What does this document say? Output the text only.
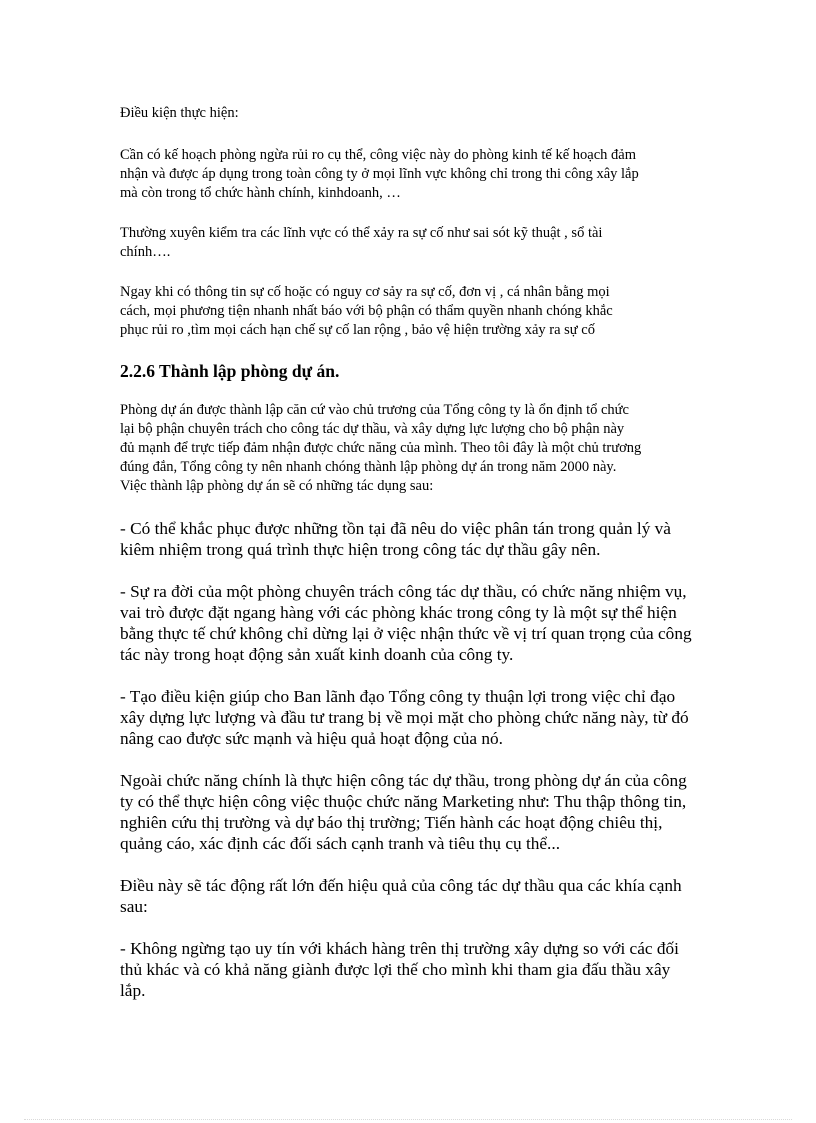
Điều kiện thực hiện:

Cần có kế hoạch phòng ngừa rủi ro cụ thể, công việc này do phòng kinh tế kế hoạch đảm
nhận và được áp dụng trong toàn công ty ở mọi lĩnh vực không chỉ trong thi công xây lắp
mà còn trong tổ chức hành chính, kinhdoanh, …

Thường xuyên kiểm tra các lĩnh vực có thể xảy ra sự cố như sai sót kỹ thuật , sổ tài
chính….

Ngay khi có thông tin sự cố hoặc có nguy cơ sảy ra sự cố, đơn vị , cá nhân bằng mọi
cách, mọi phương tiện nhanh nhất báo với bộ phận có thẩm quyền nhanh chóng khắc
phục rủi ro ,tìm mọi cách hạn chế sự cố lan rộng , bảo vệ hiện trường xảy ra sự cố

2.2.6 Thành lập phòng dự án.

Phòng dự án được thành lập căn cứ vào chủ trương của Tổng công ty là ổn định tổ chức
lại bộ phận chuyên trách cho công tác dự thầu, và xây dựng lực lượng cho bộ phận này
đủ mạnh để trực tiếp đảm nhận được chức năng của mình. Theo tôi đây là một chủ trương
đúng đắn, Tổng công ty nên nhanh chóng thành lập phòng dự án trong năm 2000 này.
Việc thành lập phòng dự án sẽ có những tác dụng sau:

- Có thể khắc phục được những tồn tại đã nêu do việc phân tán trong quản lý và
kiêm nhiệm trong quá trình thực hiện trong công tác dự thầu gây nên.

- Sự ra đời của một phòng chuyên trách công tác dự thầu, có chức năng nhiệm vụ,
vai trò được đặt ngang hàng với các phòng khác trong công ty là một sự thể hiện
bằng thực tế chứ không chỉ dừng lại ở việc nhận thức về vị trí quan trọng của công
tác này trong hoạt động sản xuất kinh doanh của công ty.

- Tạo điều kiện giúp cho Ban lãnh đạo Tổng công ty thuận lợi trong việc chỉ đạo
xây dựng lực lượng và đầu tư trang bị về mọi mặt cho phòng chức năng này, từ đó
nâng cao được sức mạnh và hiệu quả hoạt động của nó.

Ngoài chức năng chính là thực hiện công tác dự thầu, trong phòng dự án của công
ty có thể thực hiện công việc thuộc chức năng Marketing như: Thu thập thông tin,
nghiên cứu thị trường và dự báo thị trường; Tiến hành các hoạt động chiêu thị,
quảng cáo, xác định các đối sách cạnh tranh và tiêu thụ cụ thể...

Điều này sẽ tác động rất lớn đến hiệu quả của công tác dự thầu qua các khía cạnh
sau:

- Không ngừng tạo uy tín với khách hàng trên thị trường xây dựng so với các đối
thủ khác và có khả năng giành được lợi thế cho mình khi tham gia đấu thầu xây
lắp.
